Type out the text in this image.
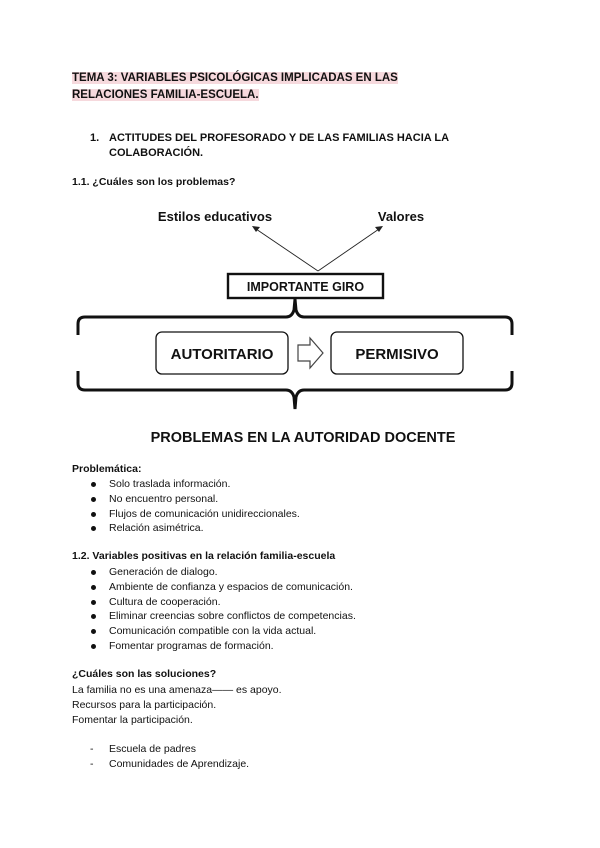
TEMA 3: VARIABLES PSICOLÓGICAS IMPLICADAS EN LAS RELACIONES FAMILIA-ESCUELA.
1. ACTITUDES DEL PROFESORADO Y DE LAS FAMILIAS HACIA LA COLABORACIÓN.
1.1. ¿Cuáles son los problemas?
Estilos educativos	Valores
IMPORTANTE GIRO
AUTORITARIO	PERMISIVO
PROBLEMAS EN LA AUTORIDAD DOCENTE
Problemática:
Solo traslada información.
No encuentro personal.
Flujos de comunicación unidireccionales.
Relación asimétrica.
1.2. Variables positivas en la relación familia-escuela
Generación de dialogo.
Ambiente de confianza y espacios de comunicación.
Cultura de cooperación.
Eliminar creencias sobre conflictos de competencias.
Comunicación compatible con la vida actual.
Fomentar programas de formación.
¿Cuáles son las soluciones?
La familia no es una amenaza—— es apoyo.
Recursos para la participación.
Fomentar la participación.
- Escuela de padres
- Comunidades de Aprendizaje.
